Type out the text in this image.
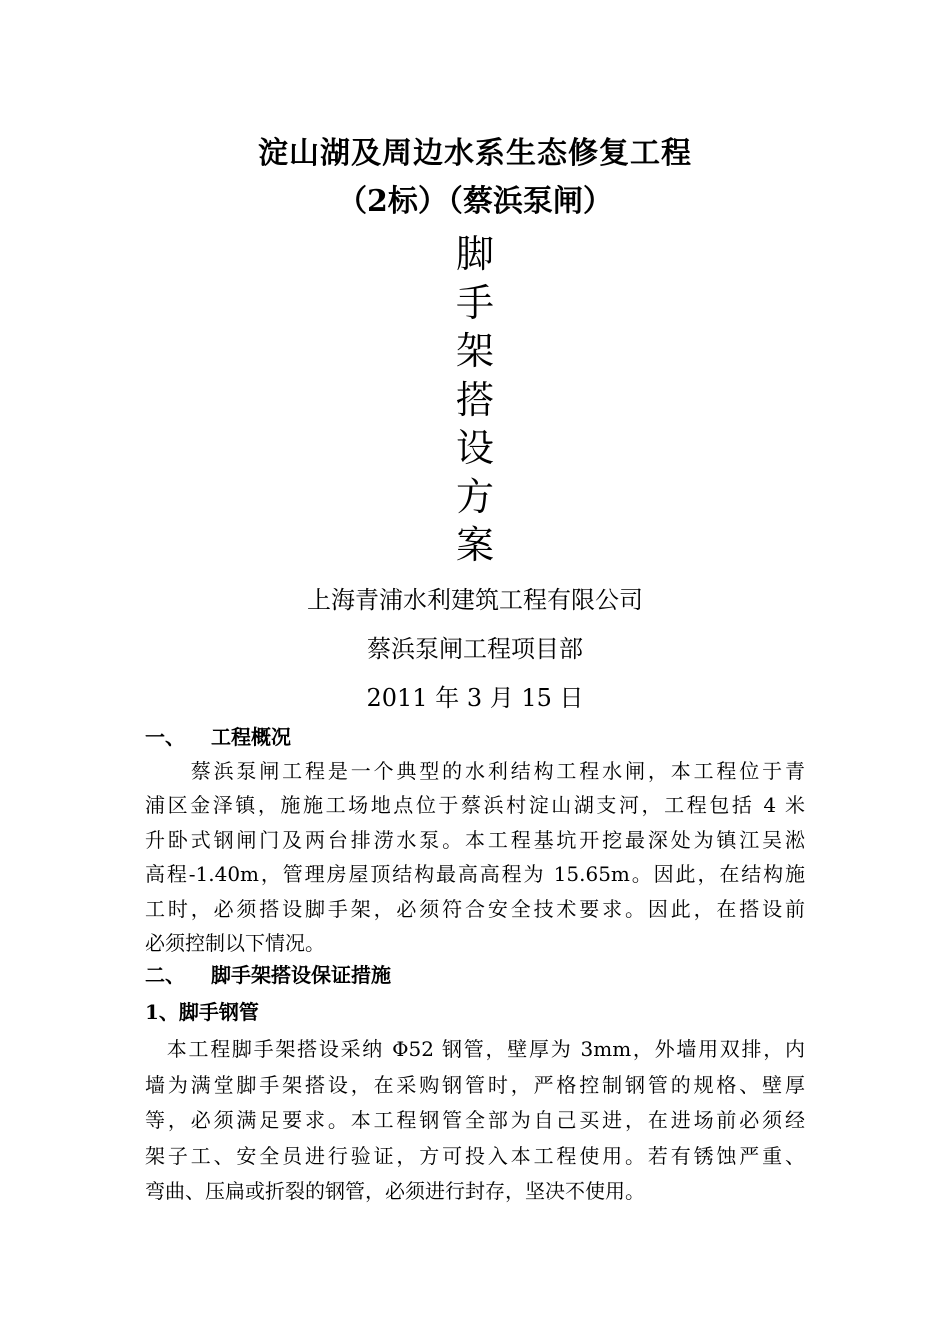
淀山湖及周边水系生态修复工程
（2标）（蔡浜泵闸）
脚
手
架
搭
设
方
案
上海青浦水利建筑工程有限公司
蔡浜泵闸工程项目部
2011 年 3 月 15 日
一、 工程概况
　　蔡浜泵闸工程是一个典型的水利结构工程水闸，本工程位于青
浦区金泽镇，施施工场地点位于蔡浜村淀山湖支河，工程包括 4 米
升卧式钢闸门及两台排涝水泵。本工程基坑开挖最深处为镇江吴淞
高程-1.40m，管理房屋顶结构最高高程为 15.65m。因此，在结构施
工时，必须搭设脚手架，必须符合安全技术要求。因此，在搭设前
必须控制以下情况。
二、 脚手架搭设保证措施
1、脚手钢管
　本工程脚手架搭设采纳 Φ52 钢管，壁厚为 3mm，外墙用双排，内
墙为满堂脚手架搭设，在采购钢管时，严格控制钢管的规格、壁厚
等，必须满足要求。本工程钢管全部为自己买进，在进场前必须经
架子工、安全员进行验证，方可投入本工程使用。若有锈蚀严重、
弯曲、压扁或折裂的钢管，必须进行封存，坚决不使用。
